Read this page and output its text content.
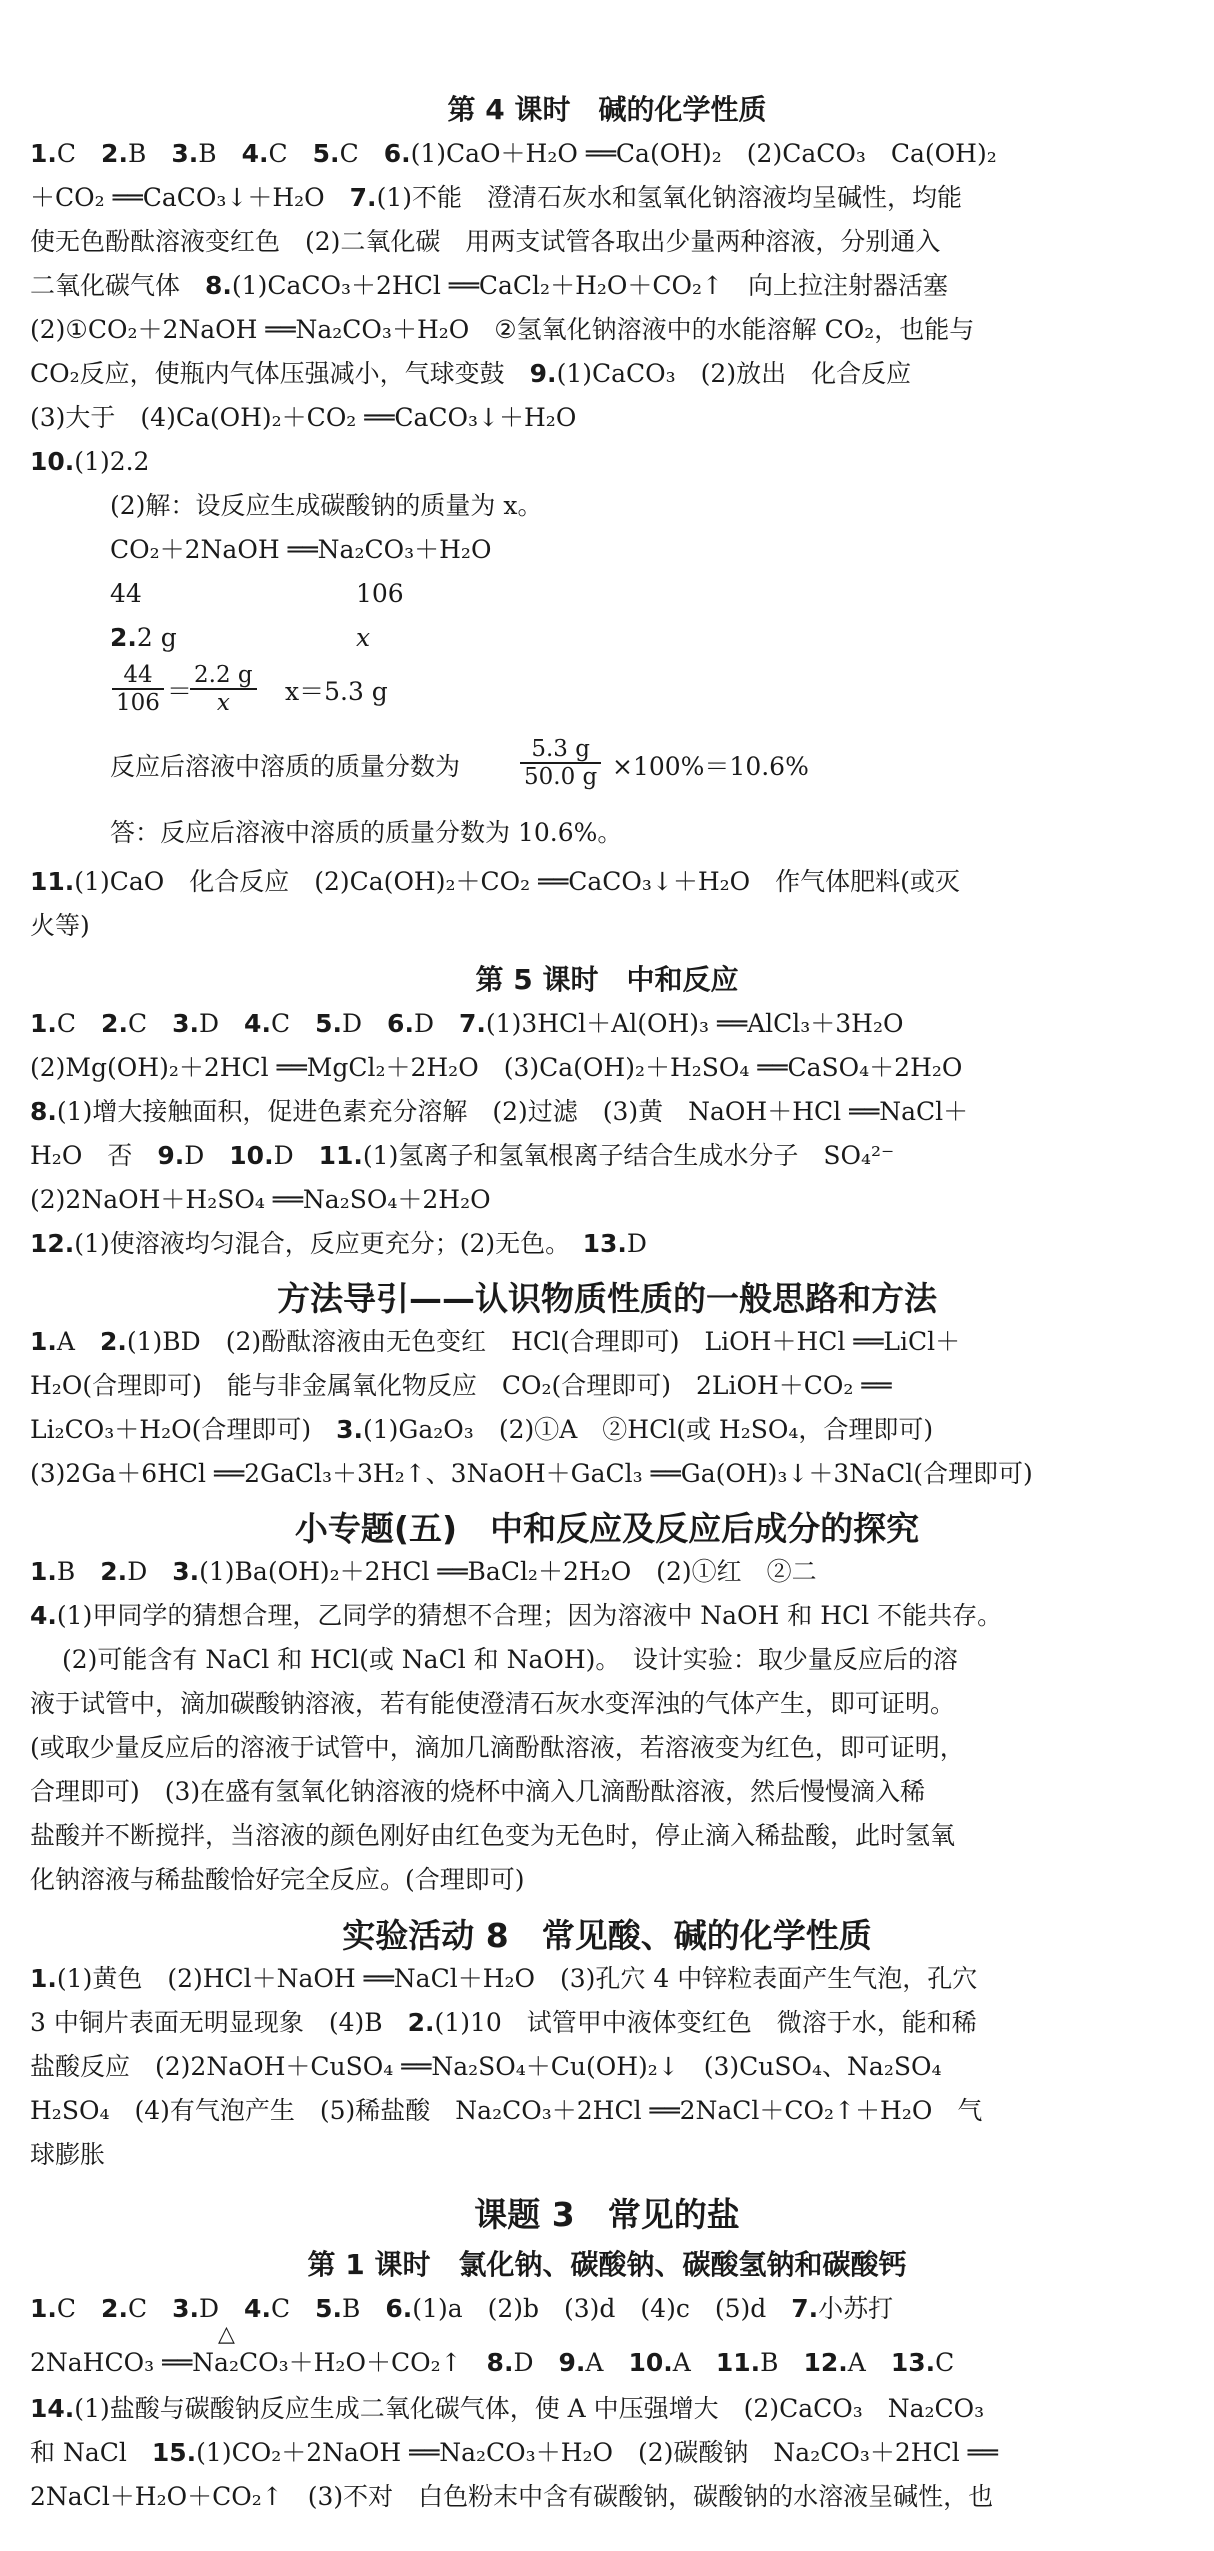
第 4 课时　碱的化学性质
1.C　2.B　3.B　4.C　5.C　6.(1)CaO＋H₂O ══Ca(OH)₂　(2)CaCO₃　Ca(OH)₂
＋CO₂ ══CaCO₃↓＋H₂O　7.(1)不能　澄清石灰水和氢氧化钠溶液均呈碱性，均能
使无色酚酞溶液变红色　(2)二氧化碳　用两支试管各取出少量两种溶液，分别通入
二氧化碳气体　8.(1)CaCO₃＋2HCl ══CaCl₂＋H₂O＋CO₂↑　向上拉注射器活塞
(2)①CO₂＋2NaOH ══Na₂CO₃＋H₂O　②氢氧化钠溶液中的水能溶解 CO₂，也能与
CO₂反应，使瓶内气体压强减小，气球变鼓　9.(1)CaCO₃　(2)放出　化合反应
(3)大于　(4)Ca(OH)₂＋CO₂ ══CaCO₃↓＋H₂O
10.(1)2.2
(2)解：设反应生成碳酸钠的质量为 x。
CO₂＋2NaOH ══Na₂CO₃＋H₂O
44	106
2.2 g	x
$\frac{44}{106}$ ＝
$\frac{2.2 g}{x} x=5.3$ g
反应后溶液中溶质的质量分数为	$\frac{5.3 g}{50.0 g} \times 100\%=10.6\%$
答：反应后溶液中溶质的质量分数为 10.6%。
11.(1)CaO　化合反应　(2)Ca(OH)₂＋CO₂ ══CaCO₃↓＋H₂O　作气体肥料(或灭
火等)
第 5 课时　中和反应
1.C　2.C　3.D　4.C　5.D　6.D　7.(1)3HCl＋Al(OH)₃ ══AlCl₃＋3H₂O
(2)Mg(OH)₂＋2HCl ══MgCl₂＋2H₂O　(3)Ca(OH)₂＋H₂SO₄ ══CaSO₄＋2H₂O
8.(1)增大接触面积，促进色素充分溶解　(2)过滤　(3)黄　NaOH＋HCl ══NaCl＋
H₂O　否　9.D　10.D　11.(1)氢离子和氢氧根离子结合生成水分子　SO₄²⁻
(2)2NaOH＋H₂SO₄ ══Na₂SO₄＋2H₂O
12.(1)使溶液均匀混合，反应更充分；(2)无色。　13.D
方法导引——认识物质性质的一般思路和方法
1.A　2.(1)BD　(2)酚酞溶液由无色变红　HCl(合理即可)　LiOH＋HCl ══LiCl＋
H₂O(合理即可)　能与非金属氧化物反应　CO₂(合理即可)　2LiOH＋CO₂ ══
Li₂CO₃＋H₂O(合理即可)　3.(1)Ga₂O₃　(2)①A　②HCl(或 H₂SO₄，合理即可)
(3)2Ga＋6HCl ══2GaCl₃＋3H₂↑、3NaOH＋GaCl₃ ══Ga(OH)₃↓＋3NaCl(合理即可)
小专题(五)　中和反应及反应后成分的探究
1.B　2.D　3.(1)Ba(OH)₂＋2HCl ══BaCl₂＋2H₂O　(2)①红　②二
4.(1)甲同学的猜想合理，乙同学的猜想不合理；因为溶液中 NaOH 和 HCl 不能共存。
(2)可能含有 NaCl 和 HCl(或 NaCl 和 NaOH)。　设计实验：取少量反应后的溶
液于试管中，滴加碳酸钠溶液，若有能使澄清石灰水变浑浊的气体产生，即可证明。
(或取少量反应后的溶液于试管中，滴加几滴酚酞溶液，若溶液变为红色，即可证明，
合理即可)　(3)在盛有氢氧化钠溶液的烧杯中滴入几滴酚酞溶液，然后慢慢滴入稀
盐酸并不断搅拌，当溶液的颜色刚好由红色变为无色时，停止滴入稀盐酸，此时氢氧
化钠溶液与稀盐酸恰好完全反应。(合理即可)
实验活动 8　常见酸、碱的化学性质
1.(1)黄色　(2)HCl＋NaOH ══NaCl＋H₂O　(3)孔穴 4 中锌粒表面产生气泡，孔穴
3 中铜片表面无明显现象　(4)B　2.(1)10　试管甲中液体变红色　微溶于水，能和稀
盐酸反应　(2)2NaOH＋CuSO₄ ══Na₂SO₄＋Cu(OH)₂↓　(3)CuSO₄、Na₂SO₄
H₂SO₄　(4)有气泡产生　(5)稀盐酸　Na₂CO₃＋2HCl ══2NaCl＋CO₂↑＋H₂O　气
球膨胀
课题 3　常见的盐
第 1 课时　氯化钠、碳酸钠、碳酸氢钠和碳酸钙
1.C　2.C　3.D　4.C　5.B　6.(1)a　(2)b　(3)d　(4)c　(5)d　7.小苏打
△
2NaHCO₃ ══Na₂CO₃＋H₂O＋CO₂↑　8.D　9.A　10.A　11.B　12.A　13.C
14.(1)盐酸与碳酸钠反应生成二氧化碳气体，使 A 中压强增大　(2)CaCO₃　Na₂CO₃
和 NaCl　15.(1)CO₂＋2NaOH ══Na₂CO₃＋H₂O　(2)碳酸钠　Na₂CO₃＋2HCl ══
2NaCl＋H₂O＋CO₂↑　(3)不对　白色粉末中含有碳酸钠，碳酸钠的水溶液呈碱性，也
